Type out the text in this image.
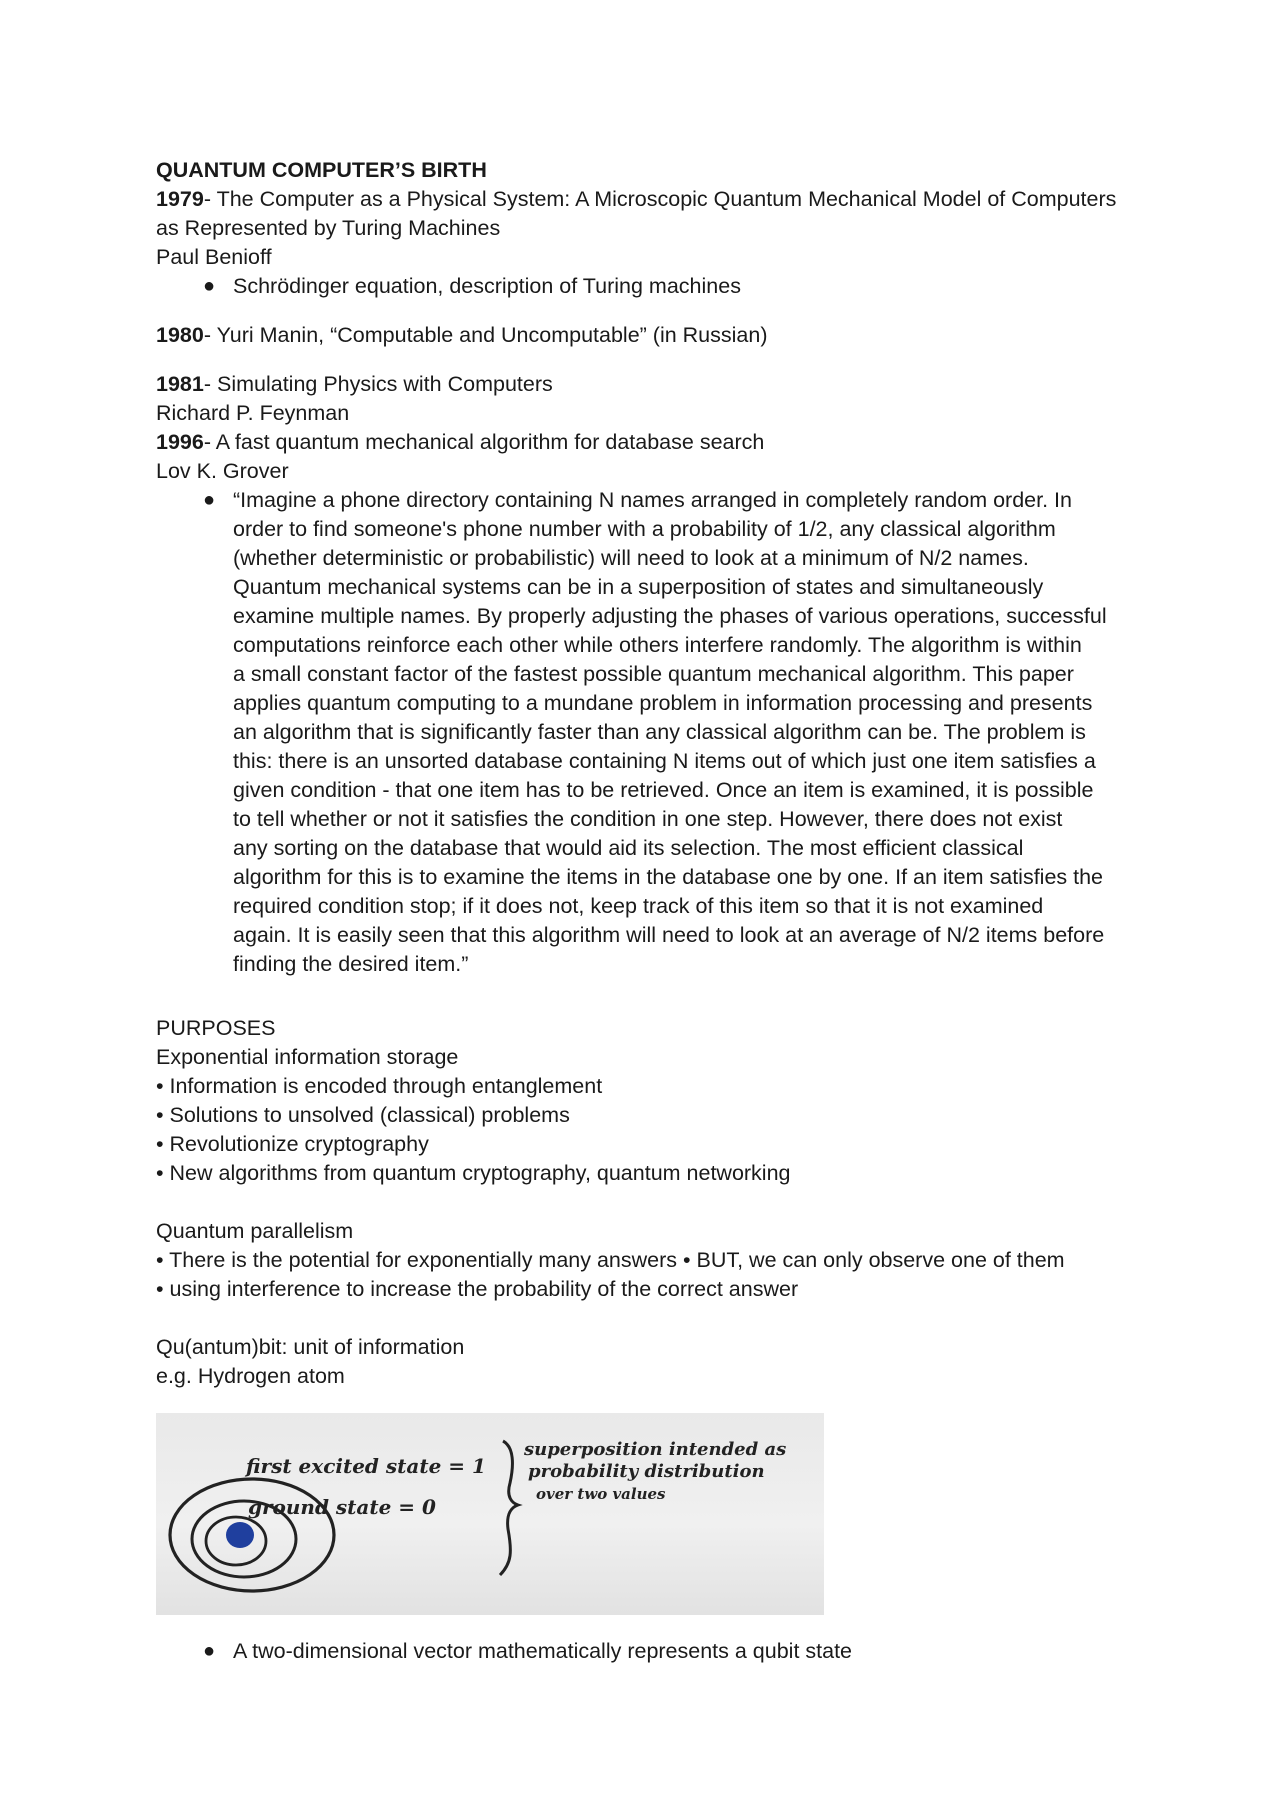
QUANTUM COMPUTER’S BIRTH

1979- The Computer as a Physical System: A Microscopic Quantum Mechanical Model of Computers

as Represented by Turing Machines

Paul Benioff

● Schrödinger equation, description of Turing machines

1980- Yuri Manin, “Computable and Uncomputable” (in Russian)

1981- Simulating Physics with Computers

Richard P. Feynman

1996- A fast quantum mechanical algorithm for database search

Lov K. Grover

● “Imagine a phone directory containing N names arranged in completely random order. In

order to find someone's phone number with a probability of 1/2, any classical algorithm

(whether deterministic or probabilistic) will need to look at a minimum of N/2 names.

Quantum mechanical systems can be in a superposition of states and simultaneously

examine multiple names. By properly adjusting the phases of various operations, successful

computations reinforce each other while others interfere randomly. The algorithm is within

a small constant factor of the fastest possible quantum mechanical algorithm. This paper

applies quantum computing to a mundane problem in information processing and presents

an algorithm that is significantly faster than any classical algorithm can be. The problem is

this: there is an unsorted database containing N items out of which just one item satisfies a

given condition - that one item has to be retrieved. Once an item is examined, it is possible

to tell whether or not it satisfies the condition in one step. However, there does not exist

any sorting on the database that would aid its selection. The most efficient classical

algorithm for this is to examine the items in the database one by one. If an item satisfies the

required condition stop; if it does not, keep track of this item so that it is not examined

again. It is easily seen that this algorithm will need to look at an average of N/2 items before

finding the desired item.”

PURPOSES

Exponential information storage

• Information is encoded through entanglement

• Solutions to unsolved (classical) problems

• Revolutionize cryptography

• New algorithms from quantum cryptography, quantum networking

Quantum parallelism

• There is the potential for exponentially many answers • BUT, we can only observe one of them

• using interference to increase the probability of the correct answer

Qu(antum)bit: unit of information

e.g. Hydrogen atom

first excited state = 1
ground state = 0
superposition intended as
probability distribution
over two values
● A two-dimensional vector mathematically represents a qubit state
